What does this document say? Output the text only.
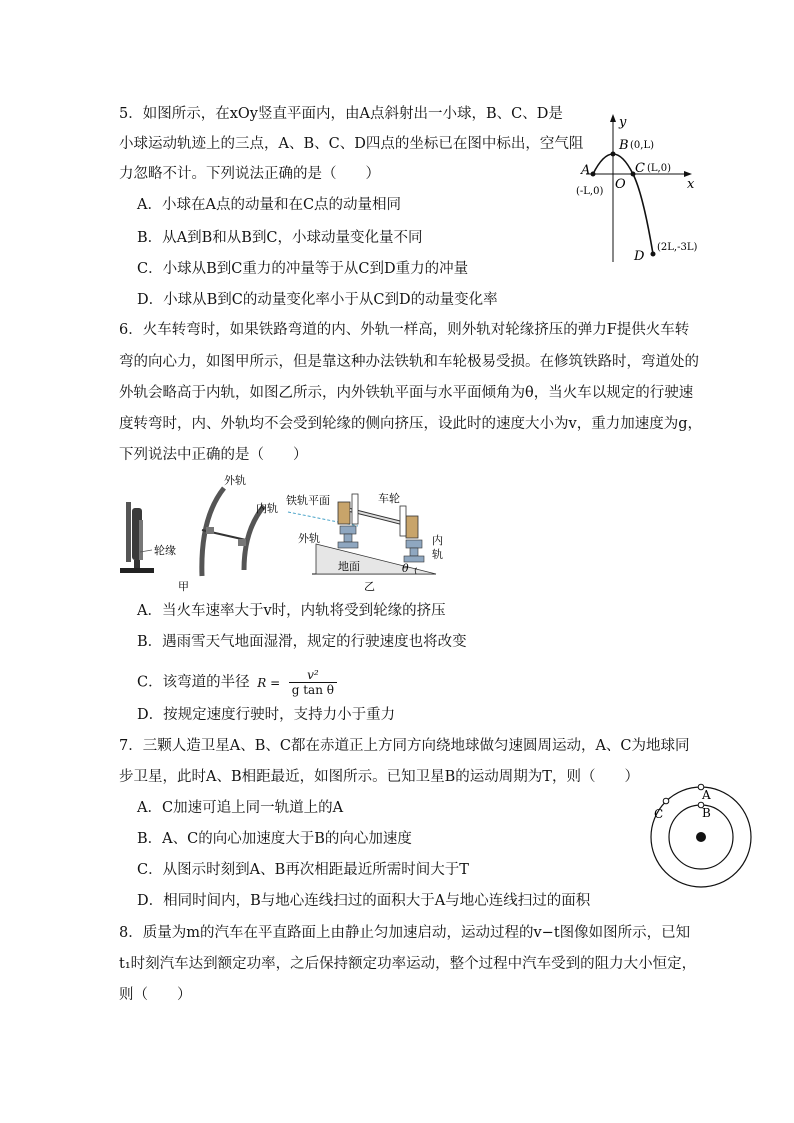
5．如图所示，在xOy竖直平面内，由A点斜射出一小球，B、C、D是
小球运动轨迹上的三点，A、B、C、D四点的坐标已在图中标出，空气阻
力忽略不计。下列说法正确的是（　　）
A．小球在A点的动量和在C点的动量相同
B．从A到B和从B到C，小球动量变化量不同
C．小球从B到C重力的冲量等于从C到D重力的冲量
D．小球从B到C的动量变化率小于从C到D的动量变化率
y
x
O
A
(-L,0)
B (0,L)
C (L,0)
D
(2L,-3L)
6．火车转弯时，如果铁路弯道的内、外轨一样高，则外轨对轮缘挤压的弹力F提供火车转
弯的向心力，如图甲所示，但是靠这种办法铁轨和车轮极易受损。在修筑铁路时，弯道处的
外轨会略高于内轨，如图乙所示，内外铁轨平面与水平面倾角为θ，当火车以规定的行驶速
度转弯时，内、外轨均不会受到轮缘的侧向挤压，设此时的速度大小为v，重力加速度为g，
下列说法中正确的是（　　）
轮缘
甲
外轨
内轨
铁轨平面	车轮
外轨	内
轨
地面	θ
乙
A．当火车速率大于v时，内轨将受到轮缘的挤压
B．遇雨雪天气地面湿滑，规定的行驶速度也将改变
C．该弯道的半径 $R = \frac{\text{v²}}{\text{g tan θ}}$
D．按规定速度行驶时，支持力小于重力
7．三颗人造卫星A、B、C都在赤道正上方同方向绕地球做匀速圆周运动，A、C为地球同
步卫星，此时A、B相距最近，如图所示。已知卫星B的运动周期为T，则（　　）
A．C加速可追上同一轨道上的A
B．A、C的向心加速度大于B的向心加速度
C．从图示时刻到A、B再次相距最近所需时间大于T
D．相同时间内，B与地心连线扫过的面积大于A与地心连线扫过的面积
A
B
C
8．质量为m的汽车在平直路面上由静止匀加速启动，运动过程的v−t图像如图所示，已知
t₁时刻汽车达到额定功率，之后保持额定功率运动，整个过程中汽车受到的阻力大小恒定，
则（　　）
